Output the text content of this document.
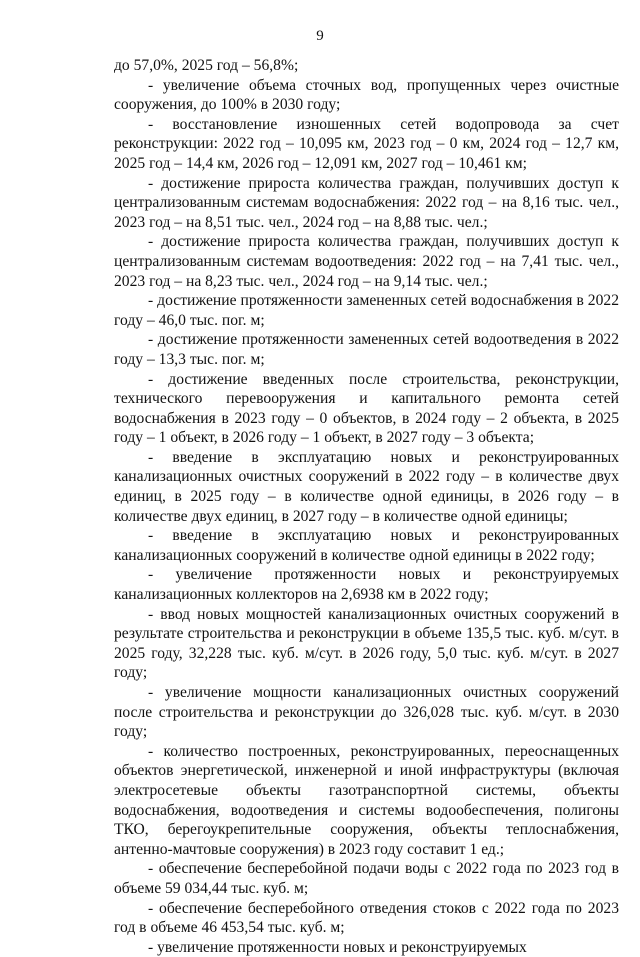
9

до 57,0%, 2025 год – 56,8%;

- увеличение объема сточных вод, пропущенных через очистные сооружения, до 100% в 2030 году;

- восстановление изношенных сетей водопровода за счет реконструкции: 2022 год – 10,095 км, 2023 год – 0 км, 2024 год – 12,7 км, 2025 год – 14,4 км, 2026 год – 12,091 км, 2027 год – 10,461 км;

- достижение прироста количества граждан, получивших доступ к централизованным системам водоснабжения: 2022 год – на 8,16 тыс. чел., 2023 год – на 8,51 тыс. чел., 2024 год – на 8,88 тыс. чел.;

- достижение прироста количества граждан, получивших доступ к централизованным системам водоотведения: 2022 год – на 7,41 тыс. чел., 2023 год – на 8,23 тыс. чел., 2024 год – на 9,14 тыс. чел.;

- достижение протяженности замененных сетей водоснабжения в 2022 году – 46,0 тыс. пог. м;

- достижение протяженности замененных сетей водоотведения в 2022 году – 13,3 тыс. пог. м;

- достижение введенных после строительства, реконструкции, технического перевооружения и капитального ремонта сетей водоснабжения в 2023 году – 0 объектов, в 2024 году – 2 объекта, в 2025 году – 1 объект, в 2026 году – 1 объект, в 2027 году – 3 объекта;

- введение в эксплуатацию новых и реконструированных канализационных очистных сооружений в 2022 году – в количестве двух единиц, в 2025 году – в количестве одной единицы, в 2026 году – в количестве двух единиц, в 2027 году – в количестве одной единицы;

- введение в эксплуатацию новых и реконструированных канализационных сооружений в количестве одной единицы в 2022 году;

- увеличение протяженности новых и реконструируемых канализационных коллекторов на 2,6938 км в 2022 году;

- ввод новых мощностей канализационных очистных сооружений в результате строительства и реконструкции в объеме 135,5 тыс. куб. м/сут. в 2025 году, 32,228 тыс. куб. м/сут. в 2026 году, 5,0 тыс. куб. м/сут. в 2027 году;

- увеличение мощности канализационных очистных сооружений после строительства и реконструкции до 326,028 тыс. куб. м/сут. в 2030 году;

- количество построенных, реконструированных, переоснащенных объектов энергетической, инженерной и иной инфраструктуры (включая электросетевые объекты газотранспортной системы, объекты водоснабжения, водоотведения и системы водообеспечения, полигоны ТКО, берегоукрепительные сооружения, объекты теплоснабжения, антенно-мачтовые сооружения) в 2023 году составит 1 ед.;

- обеспечение бесперебойной подачи воды с 2022 года по 2023 год в объеме 59 034,44 тыс. куб. м;

- обеспечение бесперебойного отведения стоков с 2022 года по 2023 год в объеме 46 453,54 тыс. куб. м;

- увеличение протяженности новых и реконструируемых
